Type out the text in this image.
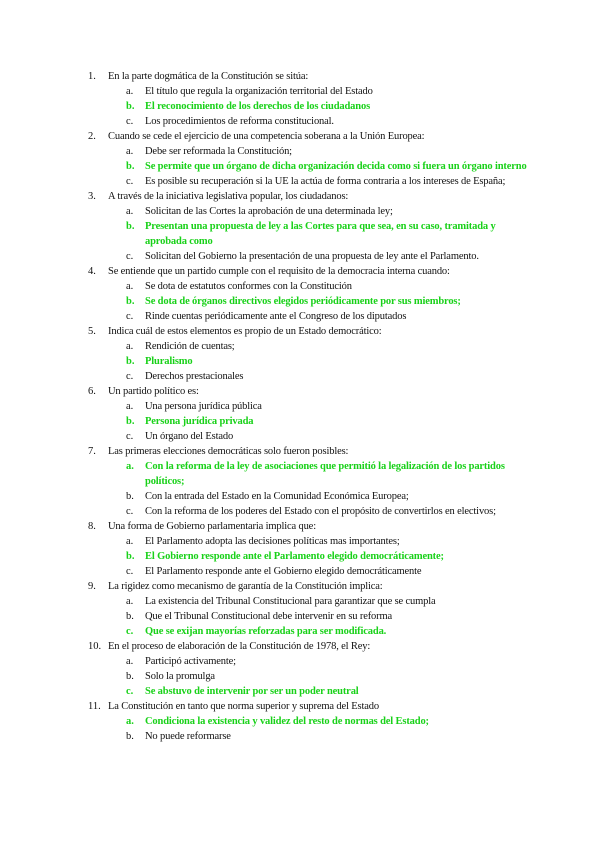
1. En la parte dogmática de la Constitución se sitúa:
a. El título que regula la organización territorial del Estado
b. El reconocimiento de los derechos de los ciudadanos
c. Los procedimientos de reforma constitucional.
2. Cuando se cede el ejercicio de una competencia soberana a la Unión Europea:
a. Debe ser reformada la Constitución;
b. Se permite que un órgano de dicha organización decida como si fuera un órgano interno
c. Es posible su recuperación si la UE la actúa de forma contraria a los intereses de España;
3. A través de la iniciativa legislativa popular, los ciudadanos:
a. Solicitan de las Cortes la aprobación de una determinada ley;
b. Presentan una propuesta de ley a las Cortes para que sea, en su caso, tramitada y aprobada como
c. Solicitan del Gobierno la presentación de una propuesta de ley ante el Parlamento.
4. Se entiende que un partido cumple con el requisito de la democracia interna cuando:
a. Se dota de estatutos conformes con la Constitución
b. Se dota de órganos directivos elegidos periódicamente por sus miembros;
c. Rinde cuentas periódicamente ante el Congreso de los diputados
5. Indica cuál de estos elementos es propio de un Estado democrático:
a. Rendición de cuentas;
b. Pluralismo
c. Derechos prestacionales
6. Un partido político es:
a. Una persona jurídica pública
b. Persona jurídica privada
c. Un órgano del Estado
7. Las primeras elecciones democráticas solo fueron posibles:
a. Con la reforma de la ley de asociaciones que permitió la legalización de los partidos políticos;
b. Con la entrada del Estado en la Comunidad Económica Europea;
c. Con la reforma de los poderes del Estado con el propósito de convertirlos en electivos;
8. Una forma de Gobierno parlamentaria implica que:
a. El Parlamento adopta las decisiones políticas mas importantes;
b. El Gobierno responde ante el Parlamento elegido democráticamente;
c. El Parlamento responde ante el Gobierno elegido democráticamente
9. La rigidez como mecanismo de garantía de la Constitución implica:
a. La existencia del Tribunal Constitucional para garantizar que se cumpla
b. Que el Tribunal Constitucional debe intervenir en su reforma
c. Que se exijan mayorías reforzadas para ser modificada.
10. En el proceso de elaboración de la Constitución de 1978, el Rey:
a. Participó activamente;
b. Solo la promulga
c. Se abstuvo de intervenir por ser un poder neutral
11. La Constitución en tanto que norma superior y suprema del Estado
a. Condiciona la existencia y validez del resto de normas del Estado;
b. No puede reformarse
